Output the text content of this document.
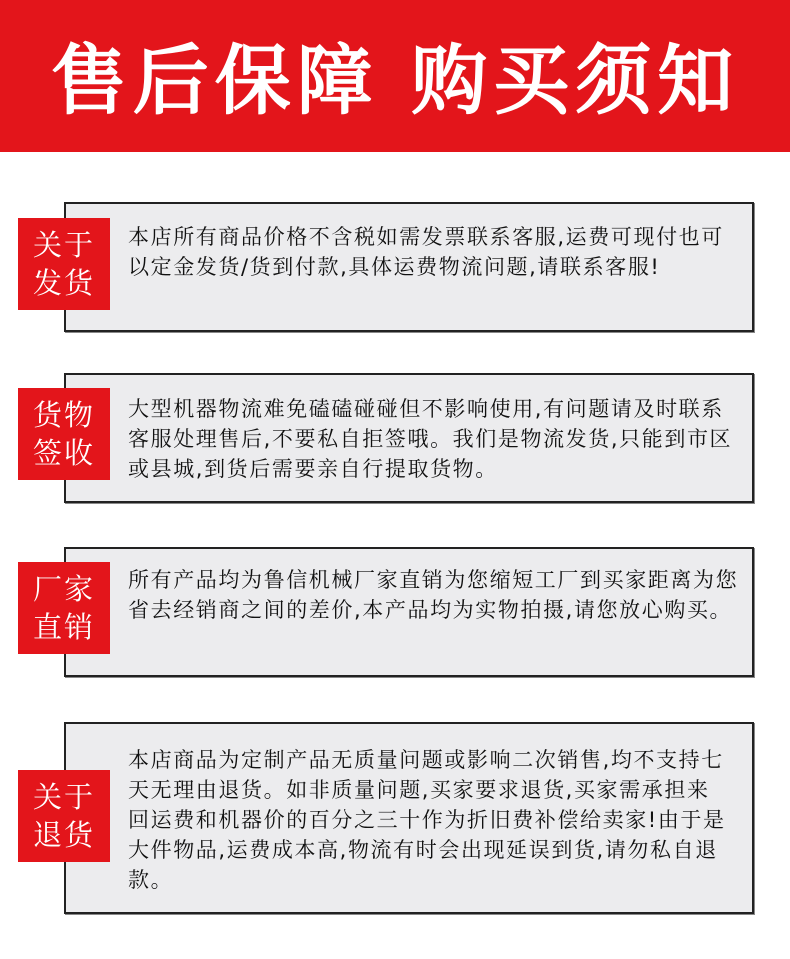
售后保障 购买须知
关于
发货
本店所有商品价格不含税如需发票联系客服,运费可现付也可以定金发货/货到付款,具体运费物流问题,请联系客服!
货物
签收
大型机器物流难免磕磕碰碰但不影响使用,有问题请及时联系客服处理售后,不要私自拒签哦。我们是物流发货,只能到市区或县城,到货后需要亲自行提取货物。
厂家
直销
所有产品均为鲁信机械厂家直销为您缩短工厂到买家距离为您省去经销商之间的差价,本产品均为实物拍摄,请您放心购买。
关于
退货
本店商品为定制产品无质量问题或影响二次销售,均不支持七天无理由退货。如非质量问题,买家要求退货,买家需承担来回运费和机器价的百分之三十作为折旧费补偿给卖家!由于是大件物品,运费成本高,物流有时会出现延误到货,请勿私自退款。
